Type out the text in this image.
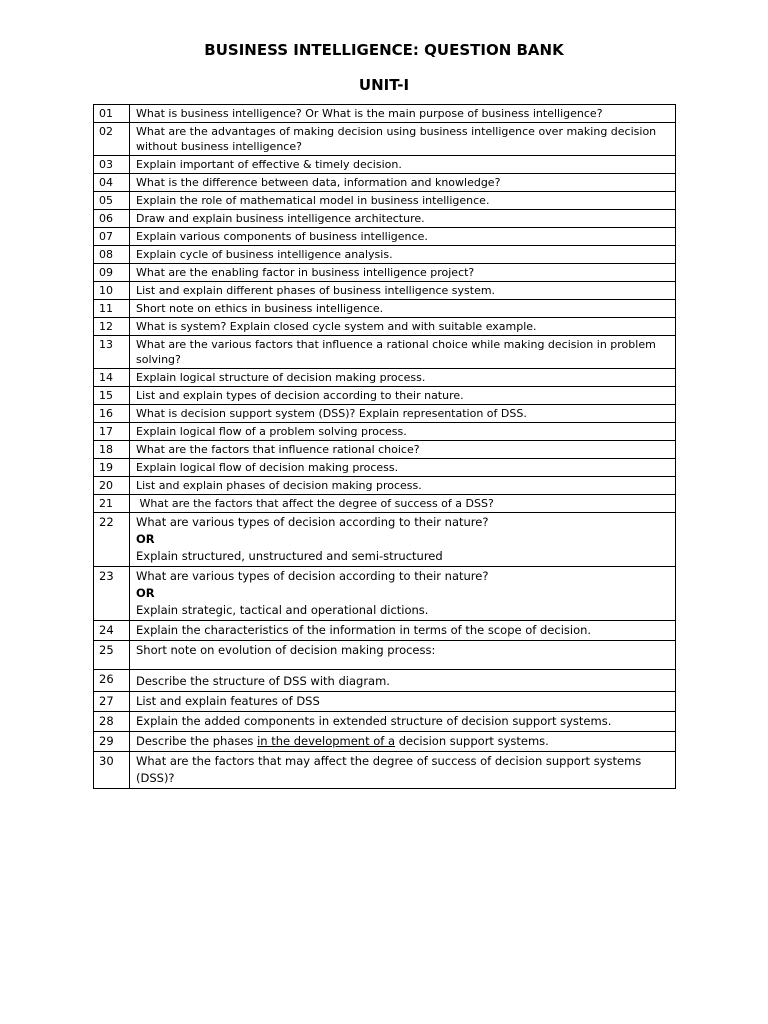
BUSINESS INTELLIGENCE: QUESTION BANK
UNIT-I
01	What is business intelligence? Or What is the main purpose of business intelligence?
02	What are the advantages of making decision using business intelligence over making decision without business intelligence?
03	Explain important of effective & timely decision.
04	What is the difference between data, information and knowledge?
05	Explain the role of mathematical model in business intelligence.
06	Draw and explain business intelligence architecture.
07	Explain various components of business intelligence.
08	Explain cycle of business intelligence analysis.
09	What are the enabling factor in business intelligence project?
10	List and explain different phases of business intelligence system.
11	Short note on ethics in business intelligence.
12	What is system? Explain closed cycle system and with suitable example.
13	What are the various factors that influence a rational choice while making decision in problem solving?
14	Explain logical structure of decision making process.
15	List and explain types of decision according to their nature.
16	What is decision support system (DSS)? Explain representation of DSS.
17	Explain logical flow of a problem solving process.
18	What are the factors that influence rational choice?
19	Explain logical flow of decision making process.
20	List and explain phases of decision making process.
21	What are the factors that affect the degree of success of a DSS?
22	What are various types of decision according to their nature?
OR
Explain structured, unstructured and semi-structured

23	What are various types of decision according to their nature?
OR
Explain strategic, tactical and operational dictions.

24	Explain the characteristics of the information in terms of the scope of decision.
25	Short note on evolution of decision making process:
26	Describe the structure of DSS with diagram.
27	List and explain features of DSS
28	Explain the added components in extended structure of decision support systems.
29	Describe the phases in the development of a decision support systems.
30	What are the factors that may affect the degree of success of decision support systems (DSS)?
